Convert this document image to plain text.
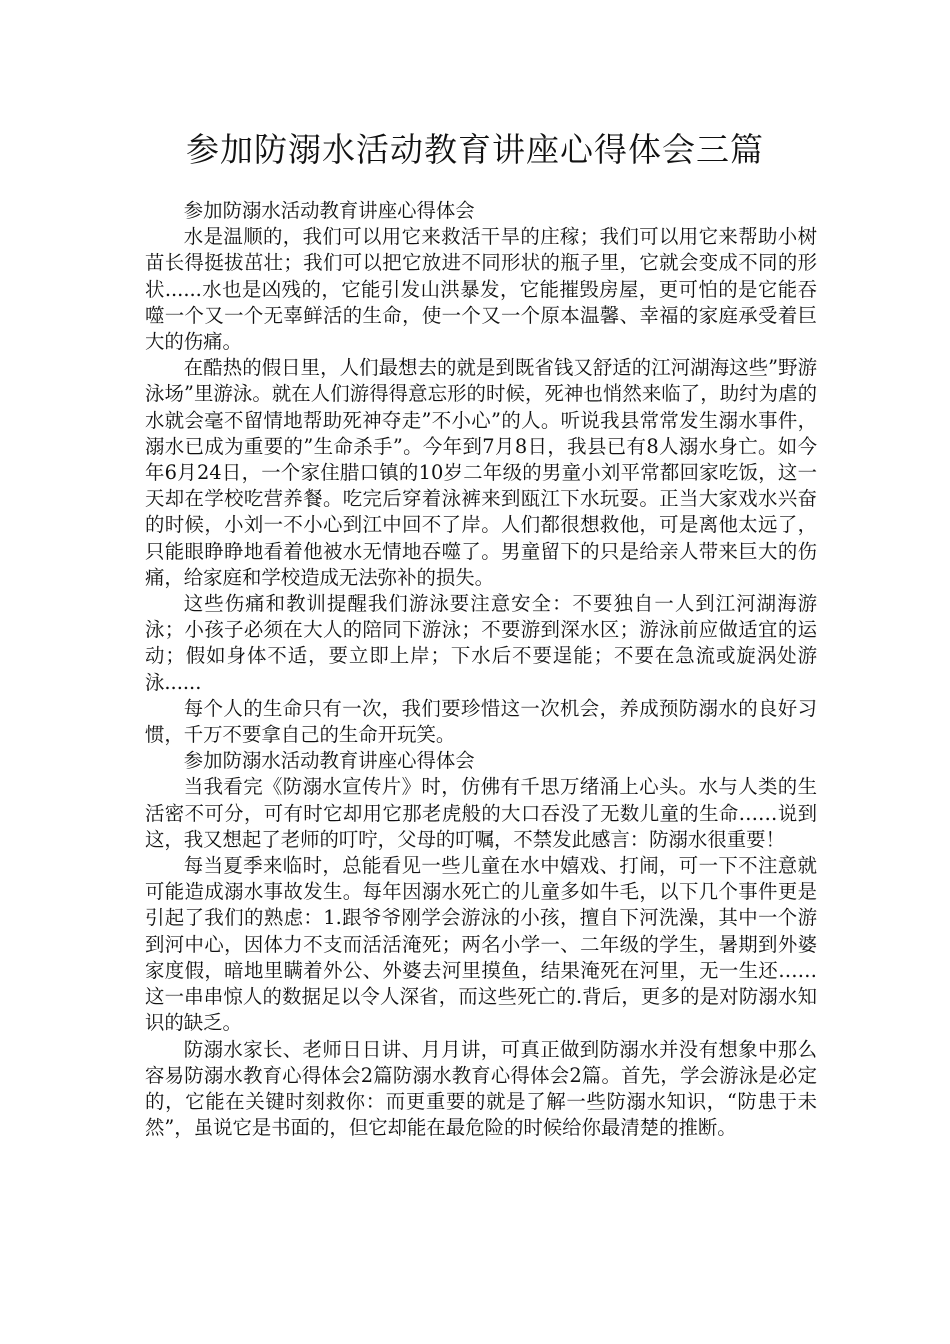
参加防溺水活动教育讲座心得体会三篇

参加防溺水活动教育讲座心得体会

水是温顺的，我们可以用它来救活干旱的庄稼；我们可以用它来帮助小树苗长得挺拔茁壮；我们可以把它放进不同形状的瓶子里，它就会变成不同的形状......水也是凶残的，它能引发山洪暴发，它能摧毁房屋，更可怕的是它能吞噬一个又一个无辜鲜活的生命，使一个又一个原本温馨、幸福的家庭承受着巨大的伤痛。

在酷热的假日里，人们最想去的就是到既省钱又舒适的江河湖海这些”野游泳场”里游泳。就在人们游得得意忘形的时候，死神也悄然来临了，助纣为虐的水就会毫不留情地帮助死神夺走”不小心”的人。听说我县常常发生溺水事件，溺水已成为重要的”生命杀手”。今年到7月8日，我县已有8人溺水身亡。如今年6月24日，一个家住腊口镇的10岁二年级的男童小刘平常都回家吃饭，这一天却在学校吃营养餐。吃完后穿着泳裤来到瓯江下水玩耍。正当大家戏水兴奋的时候，小刘一不小心到江中回不了岸。人们都很想救他，可是离他太远了，只能眼睁睁地看着他被水无情地吞噬了。男童留下的只是给亲人带来巨大的伤痛，给家庭和学校造成无法弥补的损失。

这些伤痛和教训提醒我们游泳要注意安全：不要独自一人到江河湖海游泳；小孩子必须在大人的陪同下游泳；不要游到深水区；游泳前应做适宜的运动；假如身体不适，要立即上岸；下水后不要逞能；不要在急流或旋涡处游泳......

每个人的生命只有一次，我们要珍惜这一次机会，养成预防溺水的良好习惯，千万不要拿自己的生命开玩笑。

参加防溺水活动教育讲座心得体会

当我看完《防溺水宣传片》时，仿佛有千思万绪涌上心头。水与人类的生活密不可分，可有时它却用它那老虎般的大口吞没了无数儿童的生命……说到这，我又想起了老师的叮咛，父母的叮嘱，不禁发此感言：防溺水很重要！

每当夏季来临时，总能看见一些儿童在水中嬉戏、打闹，可一下不注意就可能造成溺水事故发生。每年因溺水死亡的儿童多如牛毛，以下几个事件更是引起了我们的熟虑：1.跟爷爷刚学会游泳的小孩，擅自下河洗澡，其中一个游到河中心，因体力不支而活活淹死；两名小学一、二年级的学生，暑期到外婆家度假，暗地里瞒着外公、外婆去河里摸鱼，结果淹死在河里，无一生还……这一串串惊人的数据足以令人深省，而这些死亡的.背后，更多的是对防溺水知识的缺乏。

防溺水家长、老师日日讲、月月讲，可真正做到防溺水并没有想象中那么容易防溺水教育心得体会2篇防溺水教育心得体会2篇。首先，学会游泳是必定的，它能在关键时刻救你：而更重要的就是了解一些防溺水知识，“防患于未然”，虽说它是书面的，但它却能在最危险的时候给你最清楚的推断。
